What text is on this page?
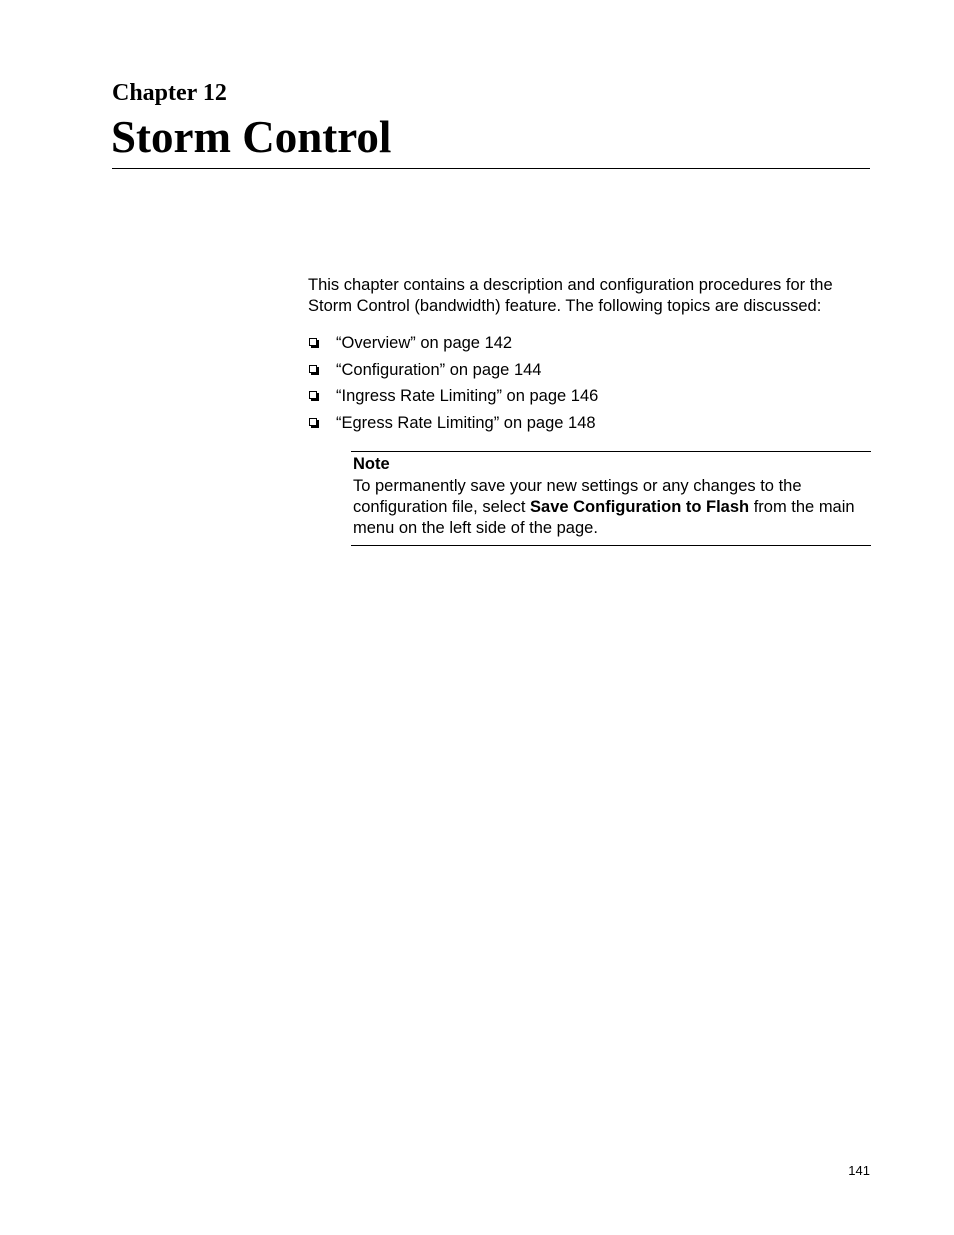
Chapter 12
Storm Control

This chapter contains a description and configuration procedures for the Storm Control (bandwidth) feature. The following topics are discussed:

“Overview” on page 142
“Configuration” on page 144
“Ingress Rate Limiting” on page 146
“Egress Rate Limiting” on page 148

Note

To permanently save your new settings or any changes to the configuration file, select Save Configuration to Flash from the main menu on the left side of the page.

141
